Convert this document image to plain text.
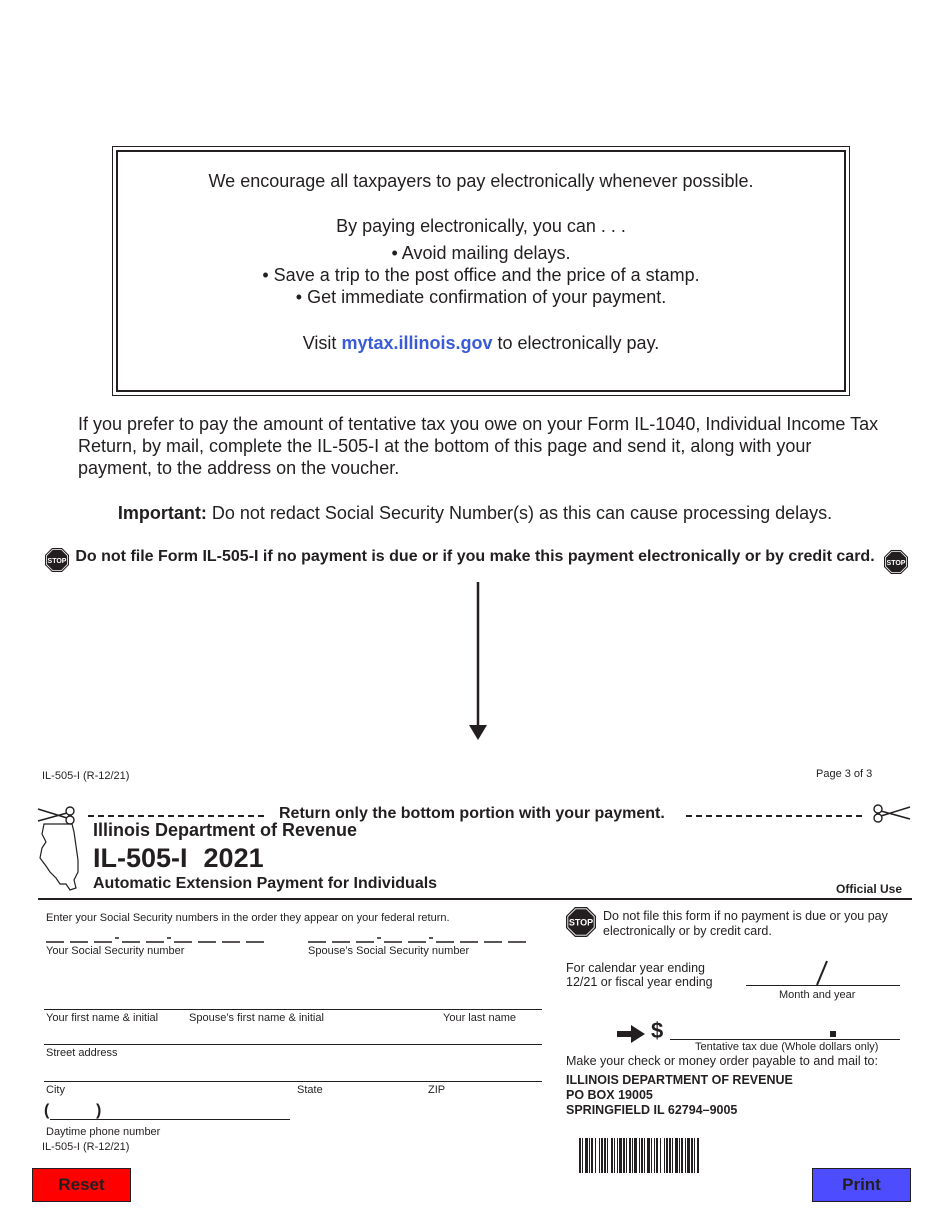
We encourage all taxpayers to pay electronically whenever possible.
By paying electronically, you can . . .
• Avoid mailing delays.
• Save a trip to the post office and the price of a stamp.
• Get immediate confirmation of your payment.
Visit mytax.illinois.gov to electronically pay.
If you prefer to pay the amount of tentative tax you owe on your Form IL-1040, Individual Income Tax Return, by mail, complete the IL-505-I at the bottom of this page and send it, along with your payment, to the address on the voucher.
Important: Do not redact Social Security Number(s) as this can cause processing delays.
STOP Do not file Form IL-505-I if no payment is due or if you make this payment electronically or by credit card.	STOP
IL-505-I (R-12/21)	Page 3 of 3
Return only the bottom portion with your payment.
Illinois Department of Revenue
IL-505-I 2021
Automatic Extension Payment for Individuals	Official Use
Enter your Social Security numbers in the order they appear on your federal return.
Your Social Security number	Spouse’s Social Security number
Your first name & initial	Spouse’s first name & initial	Your last name
Street address
City	State	ZIP
(	)
Daytime phone number
IL-505-I (R-12/21)
STOP Do not file this form if no payment is due or you pay electronically or by credit card.
For calendar year ending
12/21 or fiscal year ending
Month and year
$
Tentative tax due (Whole dollars only)
Make your check or money order payable to and mail to:
ILLINOIS DEPARTMENT OF REVENUE
PO BOX 19005
SPRINGFIELD IL 62794–9005
Reset	Print
